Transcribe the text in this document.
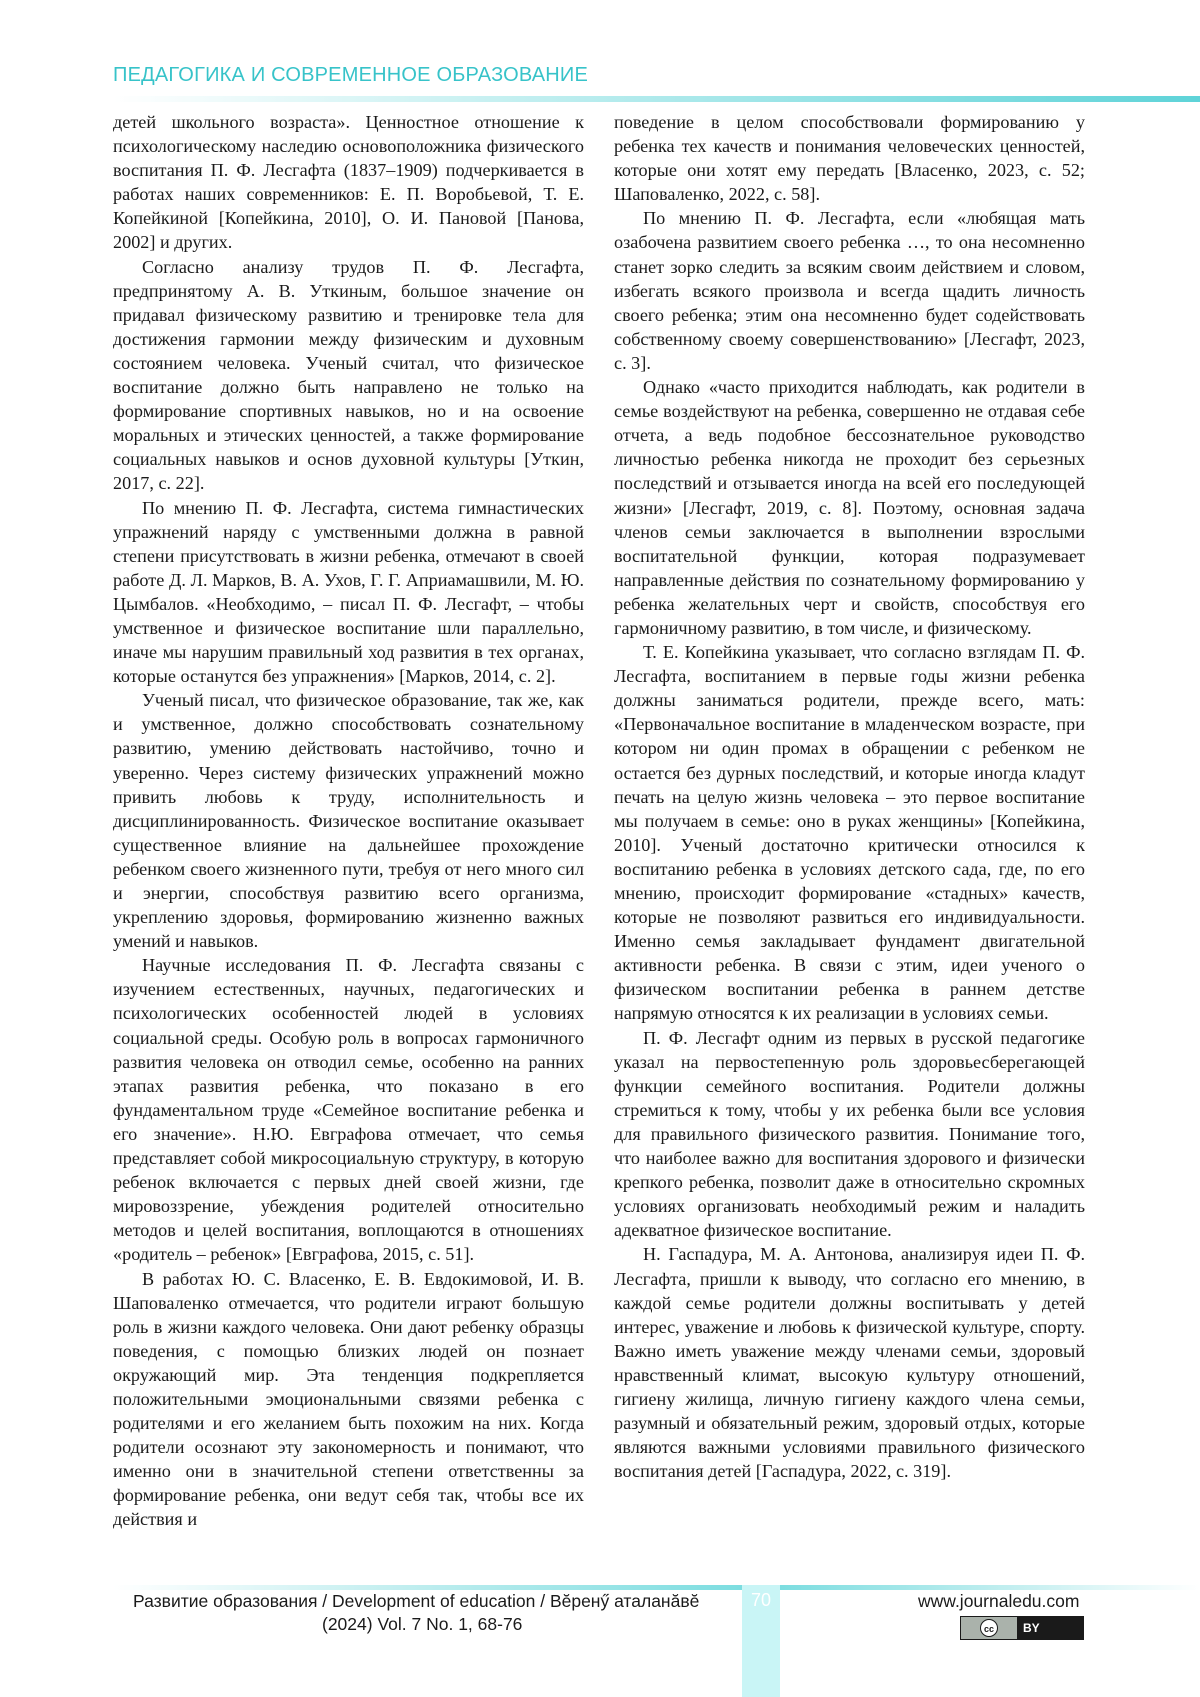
ПЕДАГОГИКА И СОВРЕМЕННОЕ ОБРАЗОВАНИЕ

детей школьного возраста». Ценностное отношение к психологическому наследию основоположника физического воспитания П. Ф. Лесгафта (1837–1909) подчеркивается в работах наших современников: Е. П. Воробьевой, Т. Е. Копейкиной [Копейкина, 2010], О. И. Пановой [Панова, 2002] и других.

Согласно анализу трудов П. Ф. Лесгафта, предпринятому А. В. Уткиным, большое значение он придавал физическому развитию и тренировке тела для достижения гармонии между физическим и духовным состоянием человека. Ученый считал, что физическое воспитание должно быть направлено не только на формирование спортивных навыков, но и на освоение моральных и этических ценностей, а также формирование социальных навыков и основ духовной культуры [Уткин, 2017, с. 22].

По мнению П. Ф. Лесгафта, система гимнастических упражнений наряду с умственными должна в равной степени присутствовать в жизни ребенка, отмечают в своей работе Д. Л. Марков, В. А. Ухов, Г. Г. Априамашвили, М. Ю. Цымбалов. «Необходимо, – писал П. Ф. Лесгафт, – чтобы умственное и физическое воспитание шли параллельно, иначе мы нарушим правильный ход развития в тех органах, которые останутся без упражнения» [Марков, 2014, с. 2].

Ученый писал, что физическое образование, так же, как и умственное, должно способствовать сознательному развитию, умению действовать настойчиво, точно и уверенно. Через систему физических упражнений можно привить любовь к труду, исполнительность и дисциплинированность. Физическое воспитание оказывает существенное влияние на дальнейшее прохождение ребенком своего жизненного пути, требуя от него много сил и энергии, способствуя развитию всего организма, укреплению здоровья, формированию жизненно важных умений и навыков.

Научные исследования П. Ф. Лесгафта связаны с изучением естественных, научных, педагогических и психологических особенностей людей в условиях социальной среды. Особую роль в вопросах гармоничного развития человека он отводил семье, особенно на ранних этапах развития ребенка, что показано в его фундаментальном труде «Семейное воспитание ребенка и его значение». Н.Ю. Евграфова отмечает, что семья представляет собой микросоциальную структуру, в которую ребенок включается с первых дней своей жизни, где мировоззрение, убеждения родителей относительно методов и целей воспитания, воплощаются в отношениях «родитель – ребенок» [Евграфова, 2015, с. 51].

В работах Ю. С. Власенко, Е. В. Евдокимовой, И. В. Шаповаленко отмечается, что родители играют большую роль в жизни каждого человека. Они дают ребенку образцы поведения, с помощью близких людей он познает окружающий мир. Эта тенденция подкрепляется положительными эмоциональными связями ребенка с родителями и его желанием быть похожим на них. Когда родители осознают эту закономерность и понимают, что именно они в значительной степени ответственны за формирование ребенка, они ведут себя так, чтобы все их действия и

поведение в целом способствовали формированию у ребенка тех качеств и понимания человеческих ценностей, которые они хотят ему передать [Власенко, 2023, с. 52; Шаповаленко, 2022, с. 58].

По мнению П. Ф. Лесгафта, если «любящая мать озабочена развитием своего ребенка …, то она несомненно станет зорко следить за всяким своим действием и словом, избегать всякого произвола и всегда щадить личность своего ребенка; этим она несомненно будет содействовать собственному своему совершенствованию» [Лесгафт, 2023, с. 3].

Однако «часто приходится наблюдать, как родители в семье воздействуют на ребенка, совершенно не отдавая себе отчета, а ведь подобное бессознательное руководство личностью ребенка никогда не проходит без серьезных последствий и отзывается иногда на всей его последующей жизни» [Лесгафт, 2019, с. 8]. Поэтому, основная задача членов семьи заключается в выполнении взрослыми воспитательной функции, которая подразумевает направленные действия по сознательному формированию у ребенка желательных черт и свойств, способствуя его гармоничному развитию, в том числе, и физическому.

Т. Е. Копейкина указывает, что согласно взглядам П. Ф. Лесгафта, воспитанием в первые годы жизни ребенка должны заниматься родители, прежде всего, мать: «Первоначальное воспитание в младенческом возрасте, при котором ни один промах в обращении с ребенком не остается без дурных последствий, и которые иногда кладут печать на целую жизнь человека – это первое воспитание мы получаем в семье: оно в руках женщины» [Копейкина, 2010]. Ученый достаточно критически относился к воспитанию ребенка в условиях детского сада, где, по его мнению, происходит формирование «стадных» качеств, которые не позволяют развиться его индивидуальности. Именно семья закладывает фундамент двигательной активности ребенка. В связи с этим, идеи ученого о физическом воспитании ребенка в раннем детстве напрямую относятся к их реализации в условиях семьи.

П. Ф. Лесгафт одним из первых в русской педагогике указал на первостепенную роль здоровьесберегающей функции семейного воспитания. Родители должны стремиться к тому, чтобы у их ребенка были все условия для правильного физического развития. Понимание того, что наиболее важно для воспитания здорового и физически крепкого ребенка, позволит даже в относительно скромных условиях организовать необходимый режим и наладить адекватное физическое воспитание.

Н. Гаспадура, М. А. Антонова, анализируя идеи П. Ф. Лесгафта, пришли к выводу, что согласно его мнению, в каждой семье родители должны воспитывать у детей интерес, уважение и любовь к физической культуре, спорту. Важно иметь уважение между членами семьи, здоровый нравственный климат, высокую культуру отношений, гигиену жилища, личную гигиену каждого члена семьи, разумный и обязательный режим, здоровый отдых, которые являются важными условиями правильного физического воспитания детей [Гаспадура, 2022, с. 319].

70
Развитие образования / Development of education / Вĕренӳ аталанăвĕ
(2024) Vol. 7 No. 1, 68-76
www.journaledu.com
cc	BY
